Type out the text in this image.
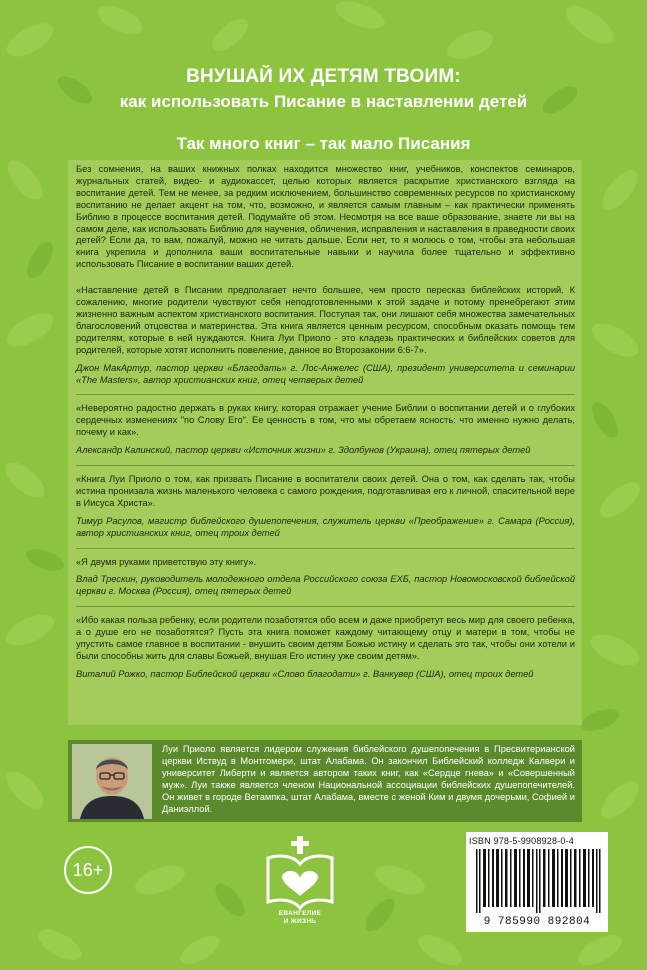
ВНУШАЙ ИХ ДЕТЯМ ТВОИМ:
как использовать Писание в наставлении детей
Так много книг – так мало Писания

Без сомнения, на ваших книжных полках находится множество книг, учебников, конспектов семинаров, журнальных статей, видео- и аудиокассет, целью которых является раскрытие христианского взгляда на воспитание детей. Тем не менее, за редким исключением, большинство современных ресурсов по христианскому воспитанию не делает акцент на том, что, возможно, и является самым главным – как практически применять Библию в процессе воспитания детей. Подумайте об этом. Несмотря на все ваше образование, знаете ли вы на самом деле, как использовать Библию для научения, обличения, исправления и наставления в праведности своих детей? Если да, то вам, пожалуй, можно не читать дальше. Если нет, то я молюсь о том, чтобы эта небольшая книга укрепила и дополнила ваши воспитательные навыки и научила более тщательно и эффективно использовать Писание в воспитании ваших детей.

«Наставление детей в Писании предполагает нечто большее, чем просто пересказ библейских историй. К сожалению, многие родители чувствуют себя неподготовленными к этой задаче и потому пренебрегают этим жизненно важным аспектом христианского воспитания. Поступая так, они лишают себя множества замечательных благословений отцовства и материнства. Эта книга является ценным ресурсом, способным оказать помощь тем родителям, которые в ней нуждаются. Книга Луи Приоло - это кладезь практических и библейских советов для родителей, которые хотят исполнить повеление, данное во Второзаконии 6:6-7».

Джон МакАртур, пастор церкви «Благодать» г. Лос-Анжелес (США), президент университета и семинарии «The Masters», автор христианских книг, отец четверых детей

«Невероятно радостно держать в руках книгу, которая отражает учение Библии о воспитании детей и о глубоких сердечных изменениях "по Слову Его". Ее ценность в том, что мы обретаем ясность: что именно нужно делать, почему и как».

Александр Калинский, пастор церкви «Источник жизни» г. Здолбунов (Украина), отец пятерых детей

«Книга Луи Приоло о том, как призвать Писание в воспитатели своих детей. Она о том, как сделать так, чтобы истина пронизала жизнь маленького человека с самого рождения, подготавливая его к личной, спасительной вере в Иисуса Христа».

Тимур Расулов, магистр библейского душепопечения, служитель церкви «Преображение» г. Самара (Россия), автор христианских книг, отец троих детей

«Я двумя руками приветствую эту книгу».

Влад Трескин, руководитель молодежного отдела Российского союза ЕХБ, пастор Новомосковской библейской церкви г. Москва (Россия), отец пятерых детей

«Ибо какая польза ребенку, если родители позаботятся обо всем и даже приобретут весь мир для своего ребенка, а о душе его не позаботятся? Пусть эта книга поможет каждому читающему отцу и матери в том, чтобы не упустить самое главное в воспитании - внушить своим детям Божью истину и сделать это так, чтобы они хотели и были способны жить для славы Божьей, внушая Его истину уже своим детям».

Виталий Рожко, пастор Библейской церкви «Слово благодати» г. Ванкувер (США), отец троих детей

Луи Приоло является лидером служения библейского душепопечения в Пресвитерианской церкви Иствуд в Монтгомери, штат Алабама. Он закончил Библейский колледж Калвери и университет Либерти и является автором таких книг, как «Сердце гнева» и «Совершенный муж». Луи также является членом Национальной ассоциации библейских душепопечителей. Он живет в городе Ветампка, штат Алабама, вместе с женой Ким и двумя дочерьми, Софией и Даниэллой.

16+
ЕВАНГЕЛИЕ
И ЖИЗНЬ
ISBN 978-5-9908928-0-4
9 785990 892804
